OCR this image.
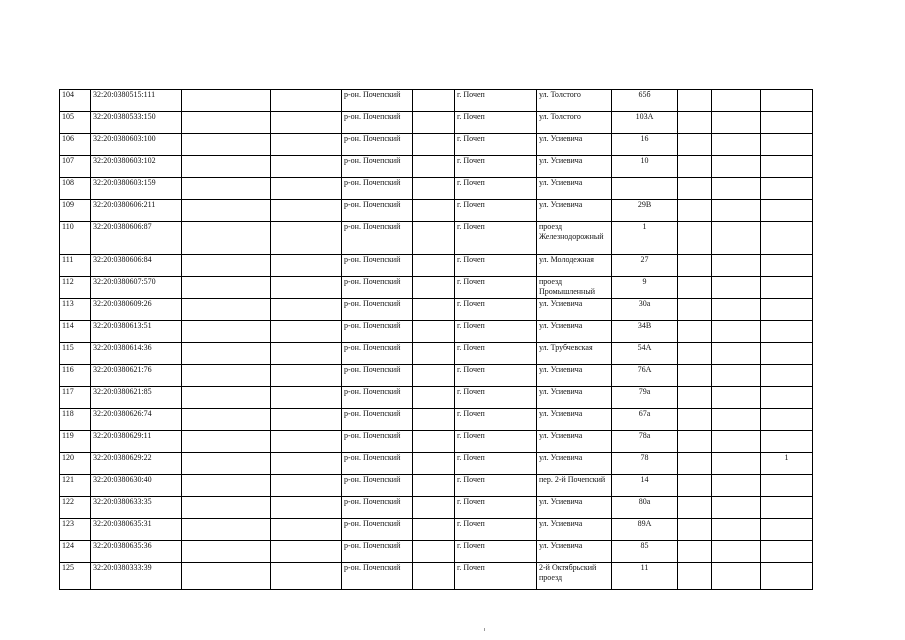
104	32:20:0380515:111			р-он. Почепский		г. Почеп	ул. Толстого	65б			
105	32:20:0380533:150			р-он. Почепский		г. Почеп	ул. Толстого	103А			
106	32:20:0380603:100			р-он. Почепский		г. Почеп	ул. Усиевича	16			
107	32:20:0380603:102			р-он. Почепский		г. Почеп	ул. Усиевича	10			
108	32:20:0380603:159			р-он. Почепский		г. Почеп	ул. Усиевича				
109	32:20:0380606:211			р-он. Почепский		г. Почеп	ул. Усиевича	29В			
110	32:20:0380606:87			р-он. Почепский		г. Почеп	проезд Железнодорожный	1			
111	32:20:0380606:84			р-он. Почепский		г. Почеп	ул. Молодежная	27			
112	32:20:0380607:570			р-он. Почепский		г. Почеп	проезд Промышленный	9			
113	32:20:0380609:26			р-он. Почепский		г. Почеп	ул. Усиевича	30а			
114	32:20:0380613:51			р-он. Почепский		г. Почеп	ул. Усиевича	34В			
115	32:20:0380614:36			р-он. Почепский		г. Почеп	ул. Трубчевская	54А			
116	32:20:0380621:76			р-он. Почепский		г. Почеп	ул. Усиевича	76А			
117	32:20:0380621:85			р-он. Почепский		г. Почеп	ул. Усиевича	79а			
118	32:20:0380626:74			р-он. Почепский		г. Почеп	ул. Усиевича	67а			
119	32:20:0380629:11			р-он. Почепский		г. Почеп	ул. Усиевича	78а			
120	32:20:0380629:22			р-он. Почепский		г. Почеп	ул. Усиевича	78			1
121	32:20:0380630:40			р-он. Почепский		г. Почеп	пер. 2-й Почепский	14			
122	32:20:0380633:35			р-он. Почепский		г. Почеп	ул. Усиевича	80а			
123	32:20:0380635:31			р-он. Почепский		г. Почеп	ул. Усиевича	89А			
124	32:20:0380635:36			р-он. Почепский		г. Почеп	ул. Усиевича	85			
125	32:20:0380333:39			р-он. Почепский		г. Почеп	2-й Октябрьский проезд	11			
